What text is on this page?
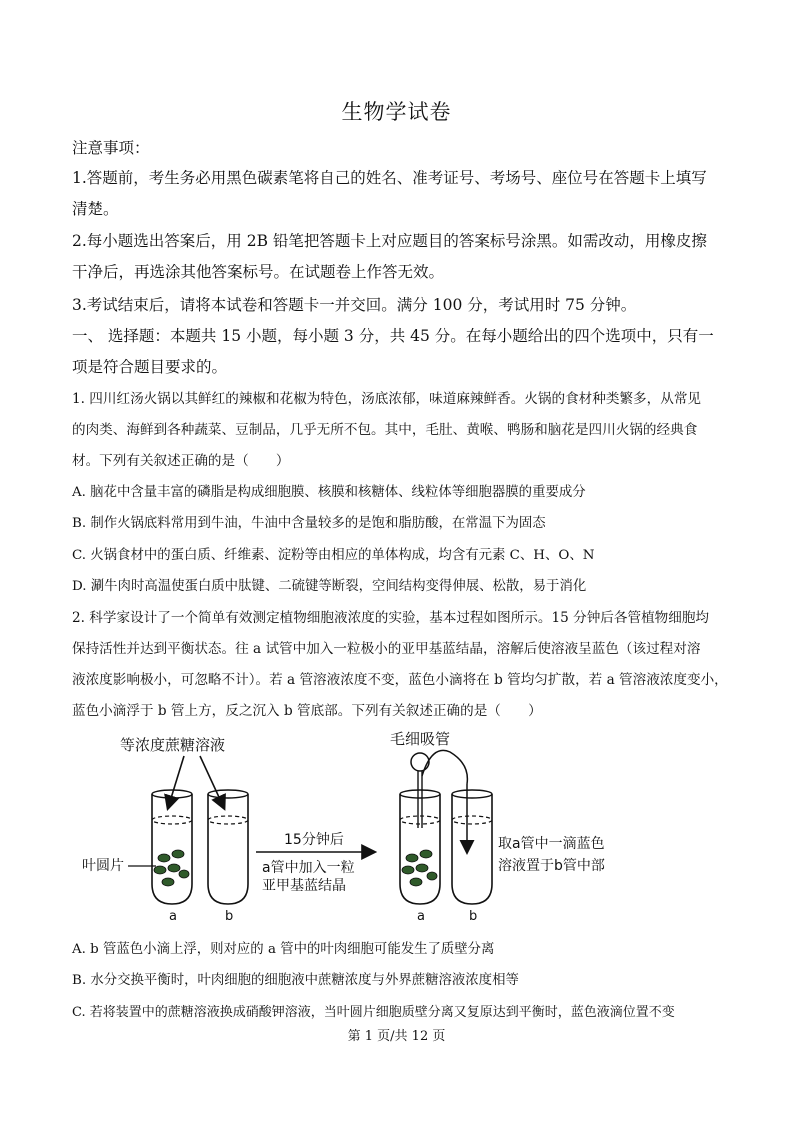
生物学试卷
注意事项：
1.答题前，考生务必用黑色碳素笔将自己的姓名、准考证号、考场号、座位号在答题卡上填写
清楚。
2.每小题选出答案后，用 2B 铅笔把答题卡上对应题目的答案标号涂黑。如需改动，用橡皮擦
干净后，再选涂其他答案标号。在试题卷上作答无效。
3.考试结束后，请将本试卷和答题卡一并交回。满分 100 分，考试用时 75 分钟。
一、 选择题：本题共 15 小题，每小题 3 分，共 45 分。在每小题给出的四个选项中，只有一
项是符合题目要求的。
1. 四川红汤火锅以其鲜红的辣椒和花椒为特色，汤底浓郁，味道麻辣鲜香。火锅的食材种类繁多，从常见
的肉类、海鲜到各种蔬菜、豆制品，几乎无所不包。其中，毛肚、黄喉、鸭肠和脑花是四川火锅的经典食
材。下列有关叙述正确的是（　　）
A. 脑花中含量丰富的磷脂是构成细胞膜、核膜和核糖体、线粒体等细胞器膜的重要成分
B. 制作火锅底料常用到牛油，牛油中含量较多的是饱和脂肪酸，在常温下为固态
C. 火锅食材中的蛋白质、纤维素、淀粉等由相应的单体构成，均含有元素 C、H、O、N
D. 涮牛肉时高温使蛋白质中肽键、二硫键等断裂，空间结构变得伸展、松散，易于消化
2. 科学家设计了一个简单有效测定植物细胞液浓度的实验，基本过程如图所示。15 分钟后各管植物细胞均
保持活性并达到平衡状态。往 a 试管中加入一粒极小的亚甲基蓝结晶，溶解后使溶液呈蓝色（该过程对溶
液浓度影响极小，可忽略不计）。若 a 管溶液浓度不变，蓝色小滴将在 b 管均匀扩散，若 a 管溶液浓度变小，
蓝色小滴浮于 b 管上方，反之沉入 b 管底部。下列有关叙述正确的是（　　）
等浓度蔗糖溶液
叶圆片
a	b
15分钟后
a管中加入一粒
亚甲基蓝结晶
毛细吸管
a	b
取a管中一滴蓝色
溶液置于b管中部
A. b 管蓝色小滴上浮，则对应的 a 管中的叶肉细胞可能发生了质壁分离
B. 水分交换平衡时，叶肉细胞的细胞液中蔗糖浓度与外界蔗糖溶液浓度相等
C. 若将装置中的蔗糖溶液换成硝酸钾溶液，当叶圆片细胞质壁分离又复原达到平衡时，蓝色液滴位置不变
第 1 页/共 12 页
